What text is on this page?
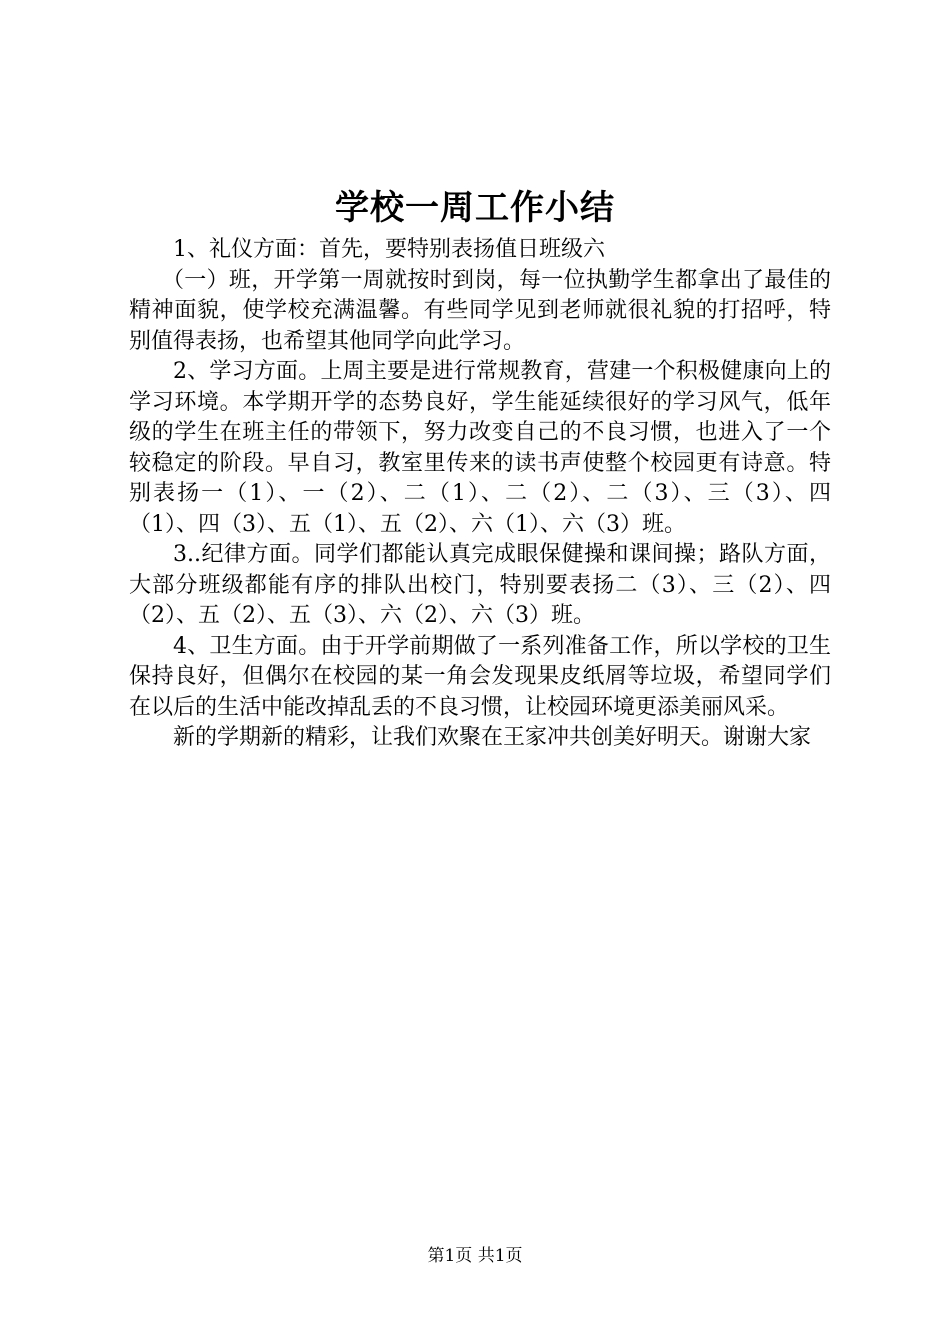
学校一周工作小结

1、礼仪方面：首先，要特别表扬值日班级六

（一）班，开学第一周就按时到岗，每一位执勤学生都拿出了最佳的精神面貌，使学校充满温馨。有些同学见到老师就很礼貌的打招呼，特别值得表扬，也希望其他同学向此学习。

2、学习方面。上周主要是进行常规教育，营建一个积极健康向上的学习环境。本学期开学的态势良好，学生能延续很好的学习风气，低年级的学生在班主任的带领下，努力改变自己的不良习惯，也进入了一个较稳定的阶段。早自习，教室里传来的读书声使整个校园更有诗意。特别表扬一（1）、一（2）、二（1）、二（2）、二（3）、三（3）、四（1）、四（3）、五（1）、五（2）、六（1）、六（3）班。

3..纪律方面。同学们都能认真完成眼保健操和课间操；路队方面，大部分班级都能有序的排队出校门，特别要表扬二（3）、三（2）、四（2）、五（2）、五（3）、六（2）、六（3）班。

4、卫生方面。由于开学前期做了一系列准备工作，所以学校的卫生保持良好，但偶尔在校园的某一角会发现果皮纸屑等垃圾，希望同学们在以后的生活中能改掉乱丢的不良习惯，让校园环境更添美丽风采。

新的学期新的精彩，让我们欢聚在王家冲共创美好明天。谢谢大家

第1页 共1页
